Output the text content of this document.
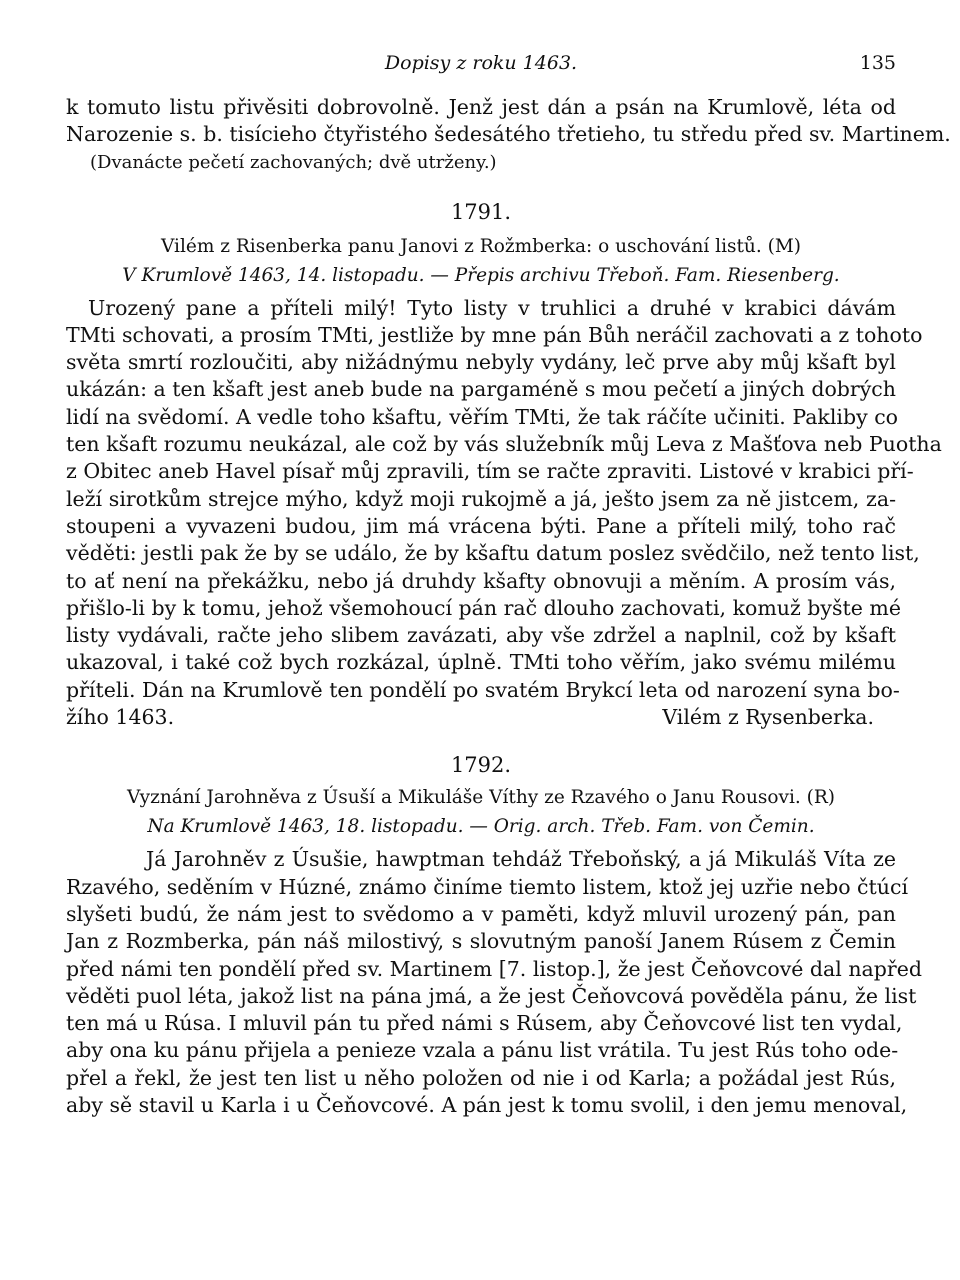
Dopisy z roku 1463.	135
k tomuto listu přivěsiti dobrovolně. Jenž jest dán a psán na Krumlově, léta od
Narozenie s. b. tisícieho čtyřistého šedesátého třetieho, tu středu před sv. Martinem.
(Dvanácte pečetí zachovaných; dvě utrženy.)
1791.
Vilém z Risenberka panu Janovi z Rožmberka: o uschování listů. (M)
V Krumlově 1463, 14. listopadu. — Přepis archivu Třeboň. Fam. Riesenberg.
Urozený pane a příteli milý! Tyto listy v truhlici a druhé v krabici dávám
TMti schovati, a prosím TMti, jestliže by mne pán Bůh neráčil zachovati a z tohoto
světa smrtí rozloučiti, aby nižádnýmu nebyly vydány, leč prve aby můj kšaft byl
ukázán: a ten kšaft jest aneb bude na pargaméně s mou pečetí a jiných dobrých
lidí na svědomí. A vedle toho kšaftu, věřím TMti, že tak ráčíte učiniti. Pakliby co
ten kšaft rozumu neukázal, ale což by vás služebník můj Leva z Mašťova neb Puotha
z Obitec aneb Havel písař můj zpravili, tím se račte zpraviti. Listové v krabici pří-
leží sirotkům strejce mýho, když moji rukojmě a já, ješto jsem za ně jistcem, za-
stoupeni a vyvazeni budou, jim má vrácena býti. Pane a příteli milý, toho rač
věděti: jestli pak že by se událo, že by kšaftu datum poslez svědčilo, než tento list,
to ať není na překážku, nebo já druhdy kšafty obnovuji a měním. A prosím vás,
přišlo-li by k tomu, jehož všemohoucí pán rač dlouho zachovati, komuž byšte mé
listy vydávali, račte jeho slibem zavázati, aby vše zdržel a naplnil, což by kšaft
ukazoval, i také což bych rozkázal, úplně. TMti toho věřím, jako svému milému
příteli. Dán na Krumlově ten pondělí po svatém Brykcí leta od narození syna bo-
žího 1463.	Vilém z Rysenberka.
1792.
Vyznání Jarohněva z Úsuší a Mikuláše Víthy ze Rzavého o Janu Rousovi. (R)
Na Krumlově 1463, 18. listopadu. — Orig. arch. Třeb. Fam. von Čemin.
Já Jarohněv z Úsušie, hawptman tehdáž Třeboňský, a já Mikuláš Víta ze
Rzavého, seděním v Húzné, známo činíme tiemto listem, ktož jej uzřie nebo čtúcí
slyšeti budú, že nám jest to svědomo a v paměti, když mluvil urozený pán, pan
Jan z Rozmberka, pán náš milostivý, s slovutným panoší Janem Rúsem z Čemin
před námi ten pondělí před sv. Martinem [7. listop.], že jest Čeňovcové dal napřed
věděti puol léta, jakož list na pána jmá, a že jest Čeňovcová pověděla pánu, že list
ten má u Rúsa. I mluvil pán tu před námi s Rúsem, aby Čeňovcové list ten vydal,
aby ona ku pánu přijela a penieze vzala a pánu list vrátila. Tu jest Rús toho ode-
přel a řekl, že jest ten list u něho položen od nie i od Karla; a požádal jest Rús,
aby sě stavil u Karla i u Čeňovcové. A pán jest k tomu svolil, i den jemu menoval,
